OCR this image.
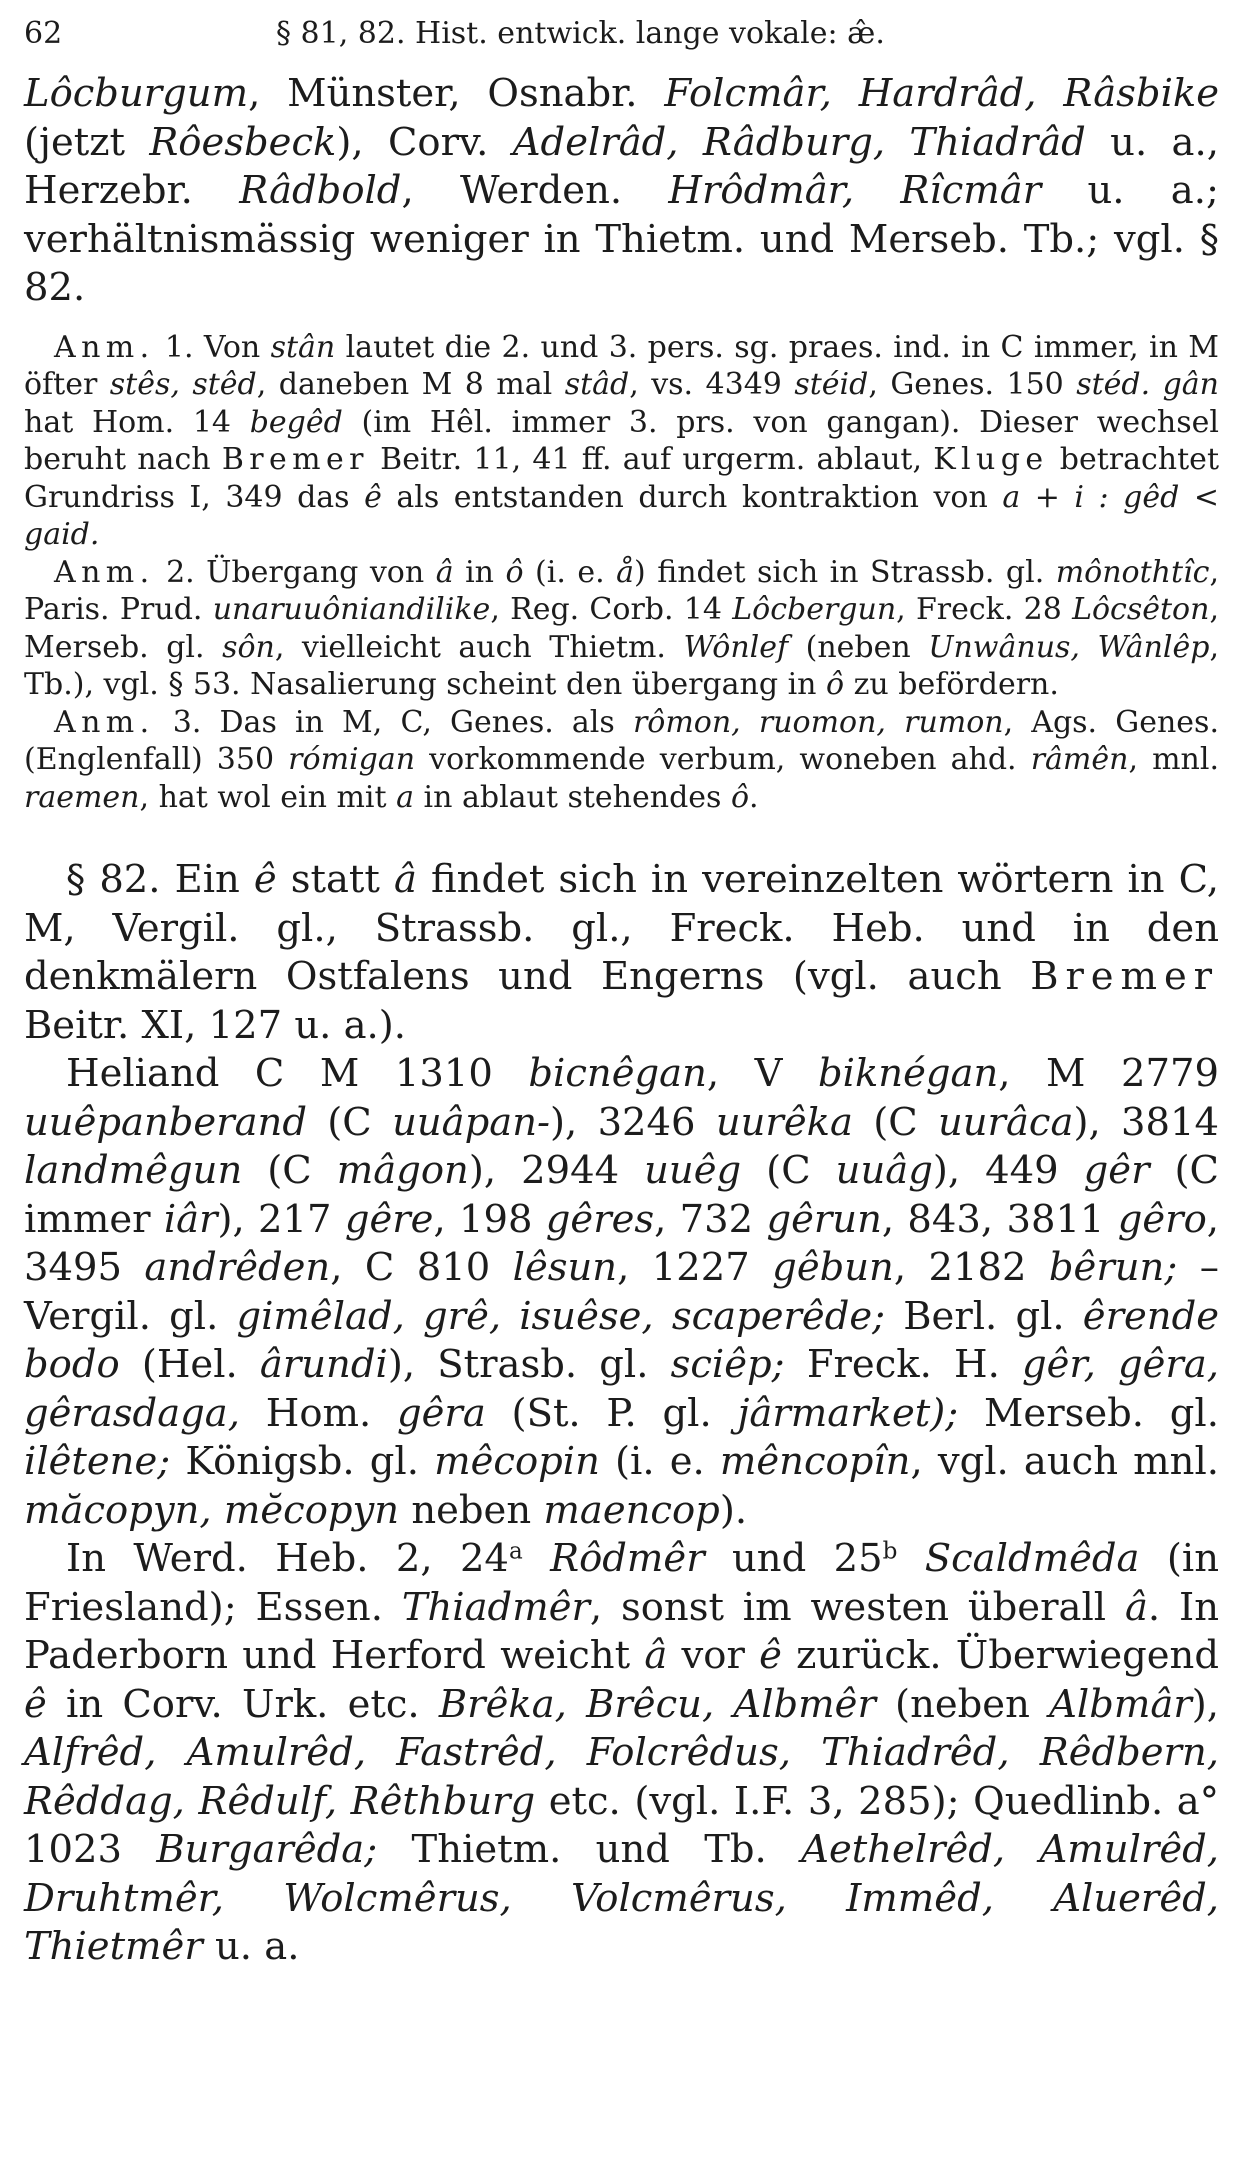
62	§ 81, 82. Hist. entwick. lange vokale: æ̂.

Lôcburgum, Münster, Osnabr. Folcmâr, Hardrâd, Râsbike (jetzt Rôesbeck), Corv. Adelrâd, Râdburg, Thiadrâd u. a., Herzebr. Râdbold, Werden. Hrôdmâr, Rîcmâr u. a.; verhältnismässig weniger in Thietm. und Merseb. Tb.; vgl. § 82.

Anm. 1. Von stân lautet die 2. und 3. pers. sg. praes. ind. in C immer, in M öfter stês, stêd, daneben M 8 mal stâd, vs. 4349 stéid, Genes. 150 stéd. gân hat Hom. 14 begêd (im Hêl. immer 3. prs. von gangan). Dieser wechsel beruht nach Bremer Beitr. 11, 41 ff. auf urgerm. ablaut, Kluge betrachtet Grundriss I, 349 das ê als entstanden durch kontraktion von a + i : gêd < gaid.

Anm. 2. Übergang von â in ô (i. e. å) findet sich in Strassb. gl. mônothtîc, Paris. Prud. unaruuôniandilike, Reg. Corb. 14 Lôcbergun, Freck. 28 Lôcsêton, Merseb. gl. sôn, vielleicht auch Thietm. Wônlef (neben Unwânus, Wânlêp, Tb.), vgl. § 53. Nasalierung scheint den übergang in ô zu befördern.

Anm. 3. Das in M, C, Genes. als rômon, ruomon, rumon, Ags. Genes. (Englenfall) 350 rómigan vorkommende verbum, woneben ahd. râmên, mnl. raemen, hat wol ein mit a in ablaut stehendes ô.

§ 82. Ein ê statt â findet sich in vereinzelten wörtern in C, M, Vergil. gl., Strassb. gl., Freck. Heb. und in den denkmälern Ostfalens und Engerns (vgl. auch Bremer Beitr. XI, 127 u. a.).

Heliand C M 1310 bicnêgan, V biknégan, M 2779 uuêpanberand (C uuâpan-), 3246 uurêka (C uurâca), 3814 landmêgun (C mâgon), 2944 uuêg (C uuâg), 449 gêr (C immer iâr), 217 gêre, 198 gêres, 732 gêrun, 843, 3811 gêro, 3495 andrêden, C 810 lêsun, 1227 gêbun, 2182 bêrun; – Vergil. gl. gimêlad, grê, isuêse, scaperêde; Berl. gl. êrende bodo (Hel. ârundi), Strasb. gl. sciêp; Freck. H. gêr, gêra, gêrasdaga, Hom. gêra (St. P. gl. jârmarket); Merseb. gl. ilêtene; Königsb. gl. mêcopin (i. e. mêncopîn, vgl. auch mnl. măcopyn, mĕcopyn neben maencop).

In Werd. Heb. 2, 24$^a$ Rôdmêr und 25$^b$ Scaldmêda (in Friesland); Essen. Thiadmêr, sonst im westen überall â. In Paderborn und Herford weicht â vor ê zurück. Überwiegend ê in Corv. Urk. etc. Brêka, Brêcu, Albmêr (neben Albmâr), Alfrêd, Amulrêd, Fastrêd, Folcrêdus, Thiadrêd, Rêdbern, Rêddag, Rêdulf, Rêthburg etc. (vgl. I.F. 3, 285); Quedlinb. a° 1023 Burgarêda; Thietm. und Tb. Aethelrêd, Amulrêd, Druhtmêr, Wolcmêrus, Volcmêrus, Immêd, Aluerêd, Thietmêr u. a.
